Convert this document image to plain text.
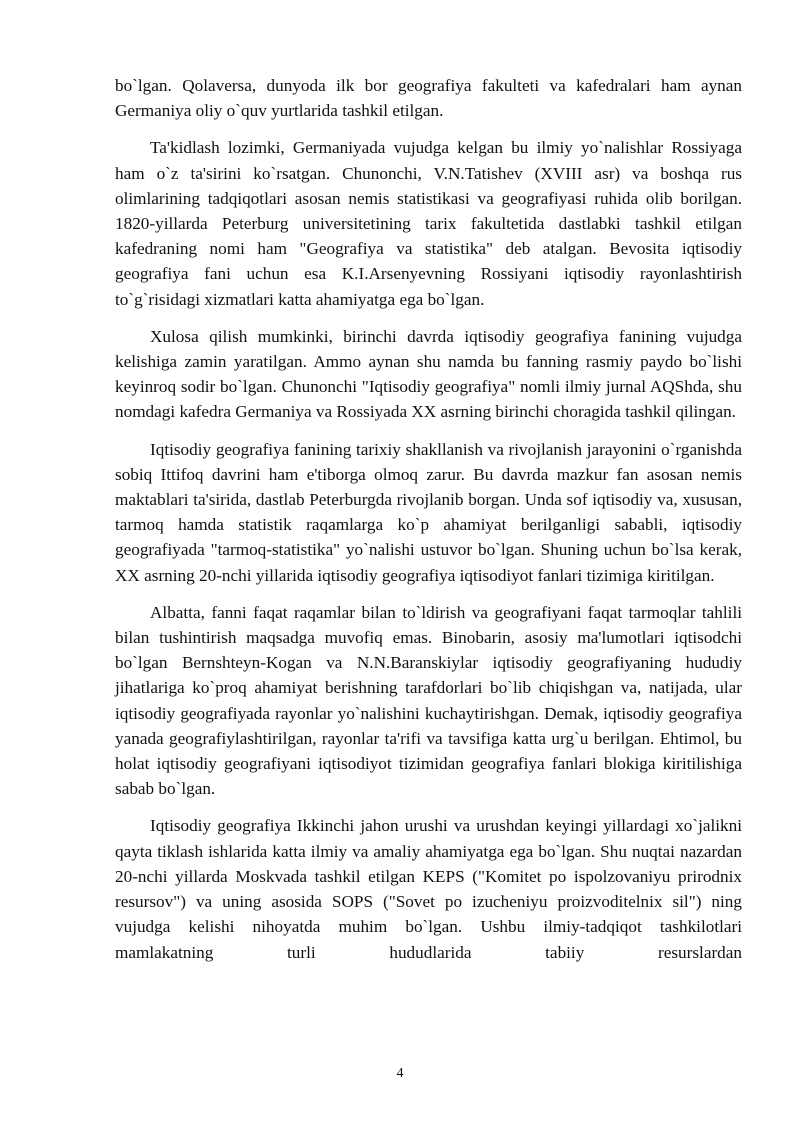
bo`lgan. Qolaversa, dunyoda ilk bor geografiya fakulteti va kafedralari ham aynan Germaniya oliy o`quv yurtlarida tashkil etilgan.

Ta'kidlash lozimki, Germaniyada vujudga kelgan bu ilmiy yo`nalishlar Rossiyaga ham o`z ta'sirini ko`rsatgan. Chunonchi, V.N.Tatishev (XVIII asr) va boshqa rus olimlarining tadqiqotlari asosan nemis statistikasi va geografiyasi ruhida olib borilgan. 1820-yillarda Peterburg universitetining tarix fakultetida dastlabki tashkil etilgan kafedraning nomi ham "Geografiya va statistika" deb atalgan. Bevosita iqtisodiy geografiya fani uchun esa K.I.Arsenyevning Rossiyani iqtisodiy rayonlashtirish to`g`risidagi xizmatlari katta ahamiyatga ega bo`lgan.

Xulosa qilish mumkinki, birinchi davrda iqtisodiy geografiya fanining vujudga kelishiga zamin yaratilgan. Ammo aynan shu namda bu fanning rasmiy paydo bo`lishi keyinroq sodir bo`lgan. Chunonchi "Iqtisodiy geografiya" nomli ilmiy jurnal AQShda, shu nomdagi kafedra Germaniya va Rossiyada XX asrning birinchi choragida tashkil qilingan.

Iqtisodiy geografiya fanining tarixiy shakllanish va rivojlanish jarayonini o`rganishda sobiq Ittifoq davrini ham e'tiborga olmoq zarur. Bu davrda mazkur fan asosan nemis maktablari ta'sirida, dastlab Peterburgda rivojlanib borgan. Unda sof iqtisodiy va, xususan, tarmoq hamda statistik raqamlarga ko`p ahamiyat berilganligi sababli, iqtisodiy geografiyada "tarmoq-statistika" yo`nalishi ustuvor bo`lgan. Shuning uchun bo`lsa kerak, XX asrning 20-nchi yillarida iqtisodiy geografiya iqtisodiyot fanlari tizimiga kiritilgan.

Albatta, fanni faqat raqamlar bilan to`ldirish va geografiyani faqat tarmoqlar tahlili bilan tushintirish maqsadga muvofiq emas. Binobarin, asosiy ma'lumotlari iqtisodchi bo`lgan Bernshteyn-Kogan va N.N.Baranskiylar iqtisodiy geografiyaning hududiy jihatlariga ko`proq ahamiyat berishning tarafdorlari bo`lib chiqishgan va, natijada, ular iqtisodiy geografiyada rayonlar yo`nalishini kuchaytirishgan. Demak, iqtisodiy geografiya yanada geografiylashtirilgan, rayonlar ta'rifi va tavsifiga katta urg`u berilgan. Ehtimol, bu holat iqtisodiy geografiyani iqtisodiyot tizimidan geografiya fanlari blokiga kiritilishiga sabab bo`lgan.

Iqtisodiy geografiya Ikkinchi jahon urushi va urushdan keyingi yillardagi xo`jalikni qayta tiklash ishlarida katta ilmiy va amaliy ahamiyatga ega bo`lgan. Shu nuqtai nazardan 20-nchi yillarda Moskvada tashkil etilgan KEPS ("Komitet po ispolzovaniyu prirodnix resursov") va uning asosida SOPS ("Sovet po izucheniyu proizvoditelnix sil") ning vujudga kelishi nihoyatda muhim bo`lgan. Ushbu ilmiy-tadqiqot tashkilotlari mamlakatning turli hududlarida tabiiy resurslardan

4
